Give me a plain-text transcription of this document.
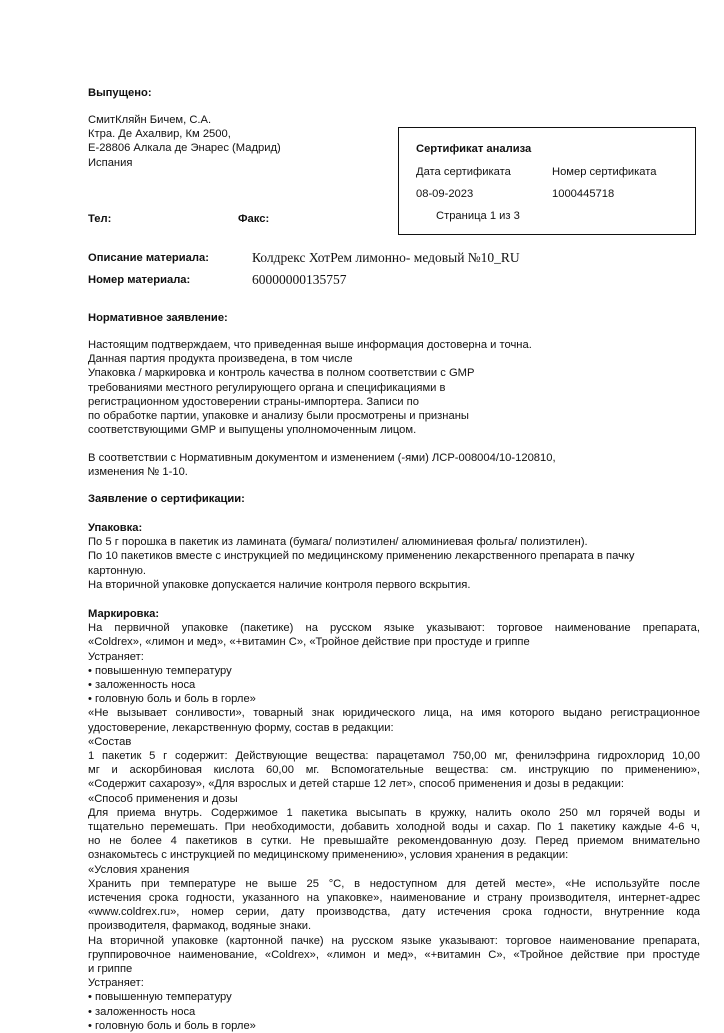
Выпущено:
СмитКляйн Бичем, С.А.
Ктра. Де Ахалвир, Км 2500,
Е-28806 Алкала де Энарес (Мадрид)
Испания
Тел:	Факс:
Сертификат анализа
Дата сертификата	Номер сертификата
08-09-2023	1000445718
Страница 1 из 3
Описание материала:	Колдрекс ХотРем лимонно- медовый №10_RU
Номер материала:	60000000135757
Нормативное заявление:
Настоящим подтверждаем, что приведенная выше информация достоверна и точна.
Данная партия продукта произведена, в том числе
Упаковка / маркировка и контроль качества в полном соответствии с GMP
требованиями местного регулирующего органа и спецификациями в
регистрационном удостоверении страны-импортера. Записи по
по обработке партии, упаковке и анализу были просмотрены и признаны
соответствующими GMP и выпущены уполномоченным лицом.
В соответствии с Нормативным документом и изменением (-ями) ЛСР-008004/10-120810,
изменения № 1-10.
Заявление о сертификации:
Упаковка:
По 5 г порошка в пакетик из ламината (бумага/ полиэтилен/ алюминиевая фольга/ полиэтилен).
По 10 пакетиков вместе с инструкцией по медицинскому применению лекарственного препарата в пачку
картонную.
На вторичной упаковке допускается наличие контроля первого вскрытия.
Маркировка:
На первичной упаковке (пакетике) на русском языке указывают: торговое наименование препарата,
«Coldrex», «лимон и мед», «+витамин С», «Тройное действие при простуде и гриппе
Устраняет:
• повышенную температуру
• заложенность носа
• головную боль и боль в горле»
«Не вызывает сонливости», товарный знак юридического лица, на имя которого выдано регистрационное
удостоверение, лекарственную форму, состав в редакции:
«Состав
1 пакетик 5 г содержит: Действующие вещества: парацетамол 750,00 мг, фенилэфрина гидрохлорид 10,00
мг и аскорбиновая кислота 60,00 мг. Вспомогательные вещества: см. инструкцию по применению»,
«Содержит сахарозу», «Для взрослых и детей старше 12 лет», способ применения и дозы в редакции:
«Способ применения и дозы
Для приема внутрь. Содержимое 1 пакетика высыпать в кружку, налить около 250 мл горячей воды и
тщательно перемешать. При необходимости, добавить холодной воды и сахар. По 1 пакетику каждые 4-6 ч,
но не более 4 пакетиков в сутки. Не превышайте рекомендованную дозу. Перед приемом внимательно
ознакомьтесь с инструкцией по медицинскому применению», условия хранения в редакции:
«Условия хранения
Хранить при температуре не выше 25 °С, в недоступном для детей месте», «Не используйте после
истечения срока годности, указанного на упаковке», наименование и страну производителя, интернет-адрес
«www.coldrex.ru», номер серии, дату производства, дату истечения срока годности, внутренние кода
производителя, фармакод, водяные знаки.
На вторичной упаковке (картонной пачке) на русском языке указывают: торговое наименование препарата,
группировочное наименование, «Coldrex», «лимон и мед», «+витамин С», «Тройное действие при простуде
и гриппе
Устраняет:
• повышенную температуру
• заложенность носа
• головную боль и боль в горле»
